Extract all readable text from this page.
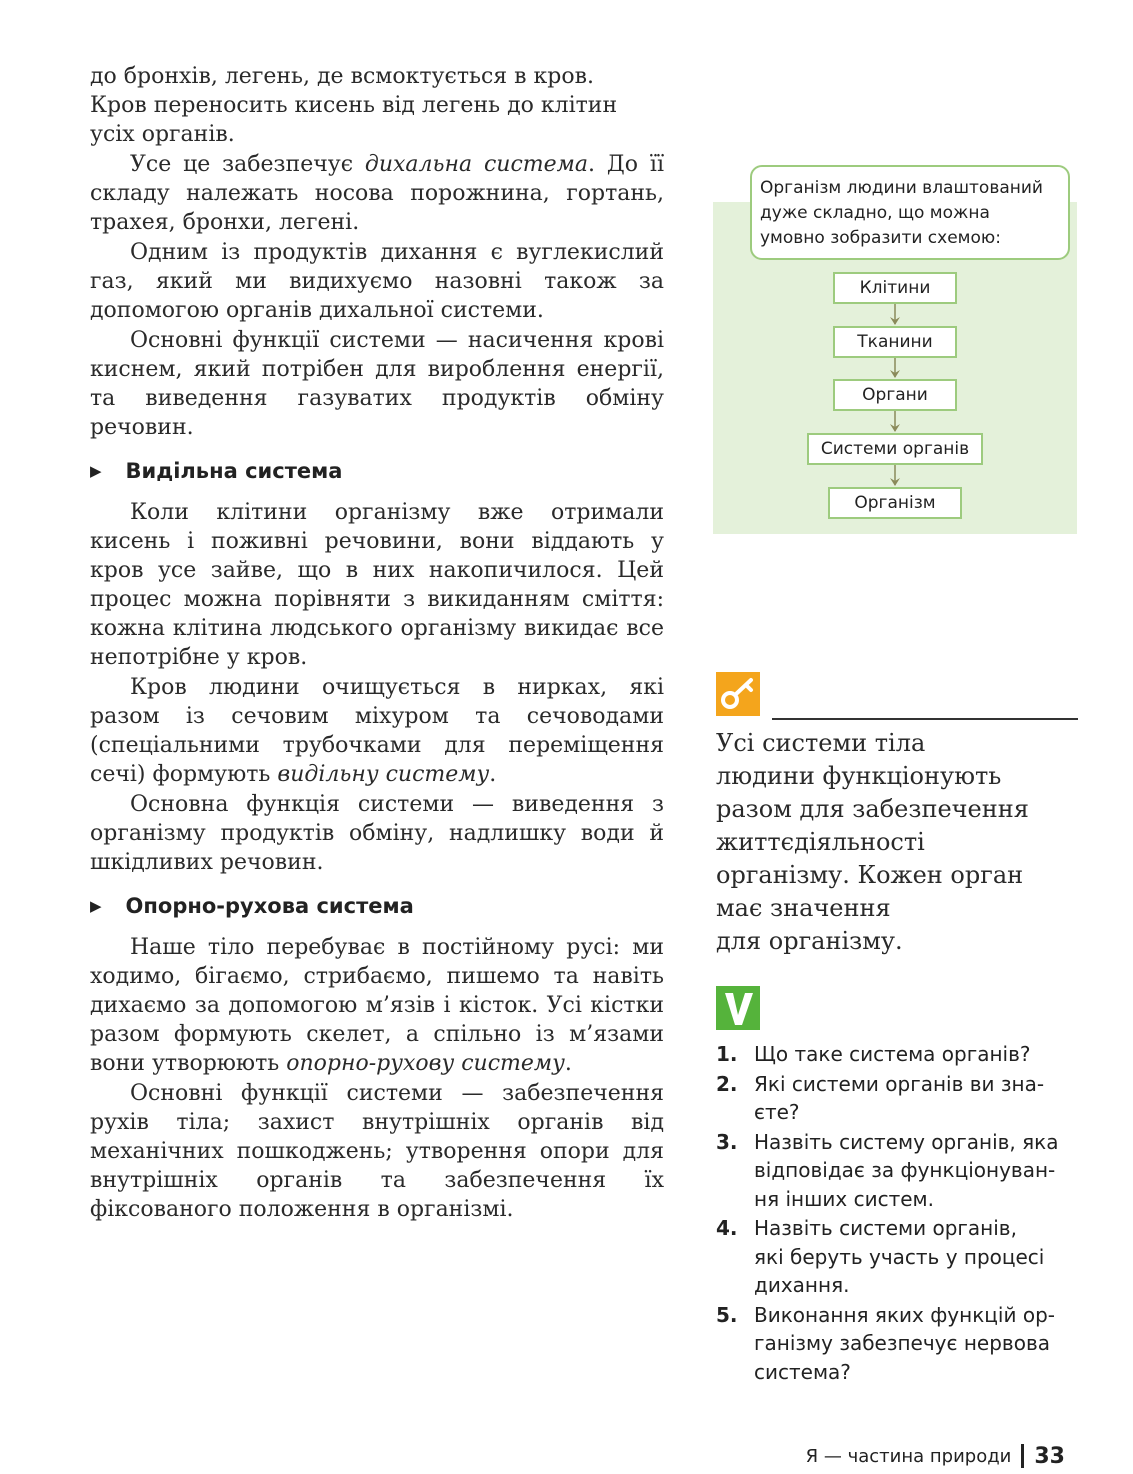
до бронхів, легень, де всмоктується в кров.
Кров переносить кисень від легень до клітин
усіх органів.

Усе це забезпечує дихальна система. До її складу належать носова порожнина, гортань, трахея, бронхи, легені.

Одним із продуктів дихання є вуглекислий газ, який ми видихуємо назовні також за допомогою органів дихальної системи.

Основні функції системи — насичення крові киснем, який потрібен для вироблення енергії, та виведення газуватих продуктів обміну речовин.

▶ Видільна система

Коли клітини організму вже отримали кисень і поживні речовини, вони віддають у кров усе зайве, що в них накопичилося. Цей процес можна порівняти з викиданням сміття: кожна клітина людського організму викидає все непотрібне у кров.

Кров людини очищується в нирках, які разом із сечовим міхуром та сечоводами (спеціальними трубочками для переміщення сечі) формують видільну систему.

Основна функція системи — виведення з організму продуктів обміну, надлишку води й шкідливих речовин.

▶ Опорно-рухова система

Наше тіло перебуває в постійному русі: ми ходимо, бігаємо, стрибаємо, пишемо та навіть дихаємо за допомогою м’язів і кісток. Усі кістки разом формують скелет, а спільно із м’язами вони утворюють опорно-рухову систему.

Основні функції системи — забезпечення рухів тіла; захист внутрішніх органів від механічних пошкоджень; утворення опори для внутрішніх органів та забезпечення їх фіксованого положення в організмі.

Організм людини влаштований
дуже складно, що можна
умовно зобразити схемою:
Клітини
Тканини
Органи
Системи органів
Організм
Усі системи тіла
людини функціонують
разом для забезпечення
життєдіяльності
організму. Кожен орган
має значення
для організму.
1. Що таке система органів?
2. Які системи органів ви зна-
єте?
3. Назвіть систему органів, яка
відповідає за функціонуван-
ня інших систем.
4. Назвіть системи органів,
які беруть участь у процесі
дихання.
5. Виконання яких функцій ор-
ганізму забезпечує нервова
система?
Я — частина природи 33
